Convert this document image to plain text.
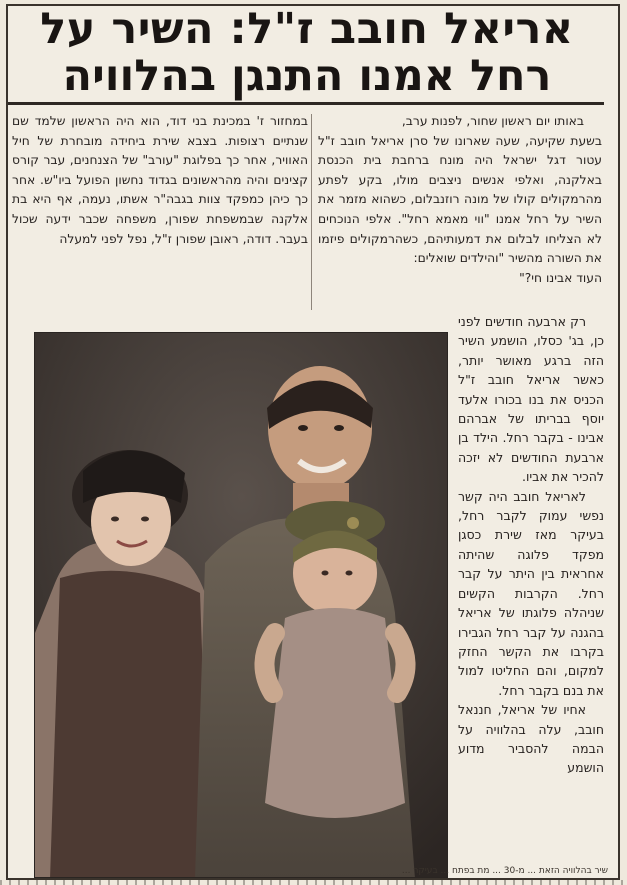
אריאל חובב ז"ל: השיר על
רחל אמנו התנגן בהלוויה

באותו יום ראשון שחור, לפנות ערב,

בשעת שקיעה, שעה שארונו של סרן אריאל חובב ז"ל עטור דגל ישראל היה מונח ברחבת בית הכנסת באלקנה, ואלפי אנשים ניצבים מולו, בקע לפתע מהרמקולים קולו של מונה רוזנבלום, כשהוא מזמר את השיר על רחל אמנו "ווי מאמא רחל". אלפי הנוכחים לא הצליחו לבלום את דמעותיהם, כשהרמקולים פיזמו את השורה מהשיר "והילדים שואלים:

העוד אבינו חי?"

במחזור ז' במכינת בני דוד, הוא היה הראשון שלמד שם שנתיים רצופות. בצבא שירת ביחידה מובחרת של חיל האוויר, אחר כך בפלוגת "עורב" של הצנחנים, עבר קורס קצינים והיה מהראשונים בגדוד נחשון הפועל ביו"ש. אחר כך כיהן כמפקד צוות בגבה"ר אשתו, נעמה, אף היא בת אלקנה שבמשפחת שפורן, משפחה שכבר ידעה שכול בעבר. דודה, ראובן שפורן ז"ל, נפל לפני למעלה

רק ארבעה חודשים לפני כן, בג' כסלו, הושמע השיר הזה ברגע מאושר יותר, כאשר אריאל חובב ז"ל הכניס את בנו בכורו אלעד יוסף בבריתו של אברהם אבינו - בקבר רחל. הילד בן ארבעת החודשים לא יזכה להכיר את אביו.

לאריאל חובב היה קשר נפשי עמוק לקבר רחל, בעיקר מאז שירת כסגן מפקד פלוגה שהיתה אחראית בין היתר על קבר רחל. הקרבות הקשים שניהלה פלוגתו של אריאל בהגנה על קבר רחל הגבירו בקרבו את הקשר החזק למקום, והם החליטו למול את בנם בקבר רחל.

אחיו של אריאל, חננאל חובב, עלה בהלוויה על הבמה להסביר מדוע הושמע

שיר בהלוויה הזאת ... מ-30 ... מת בפתח ... בעיקר ...
